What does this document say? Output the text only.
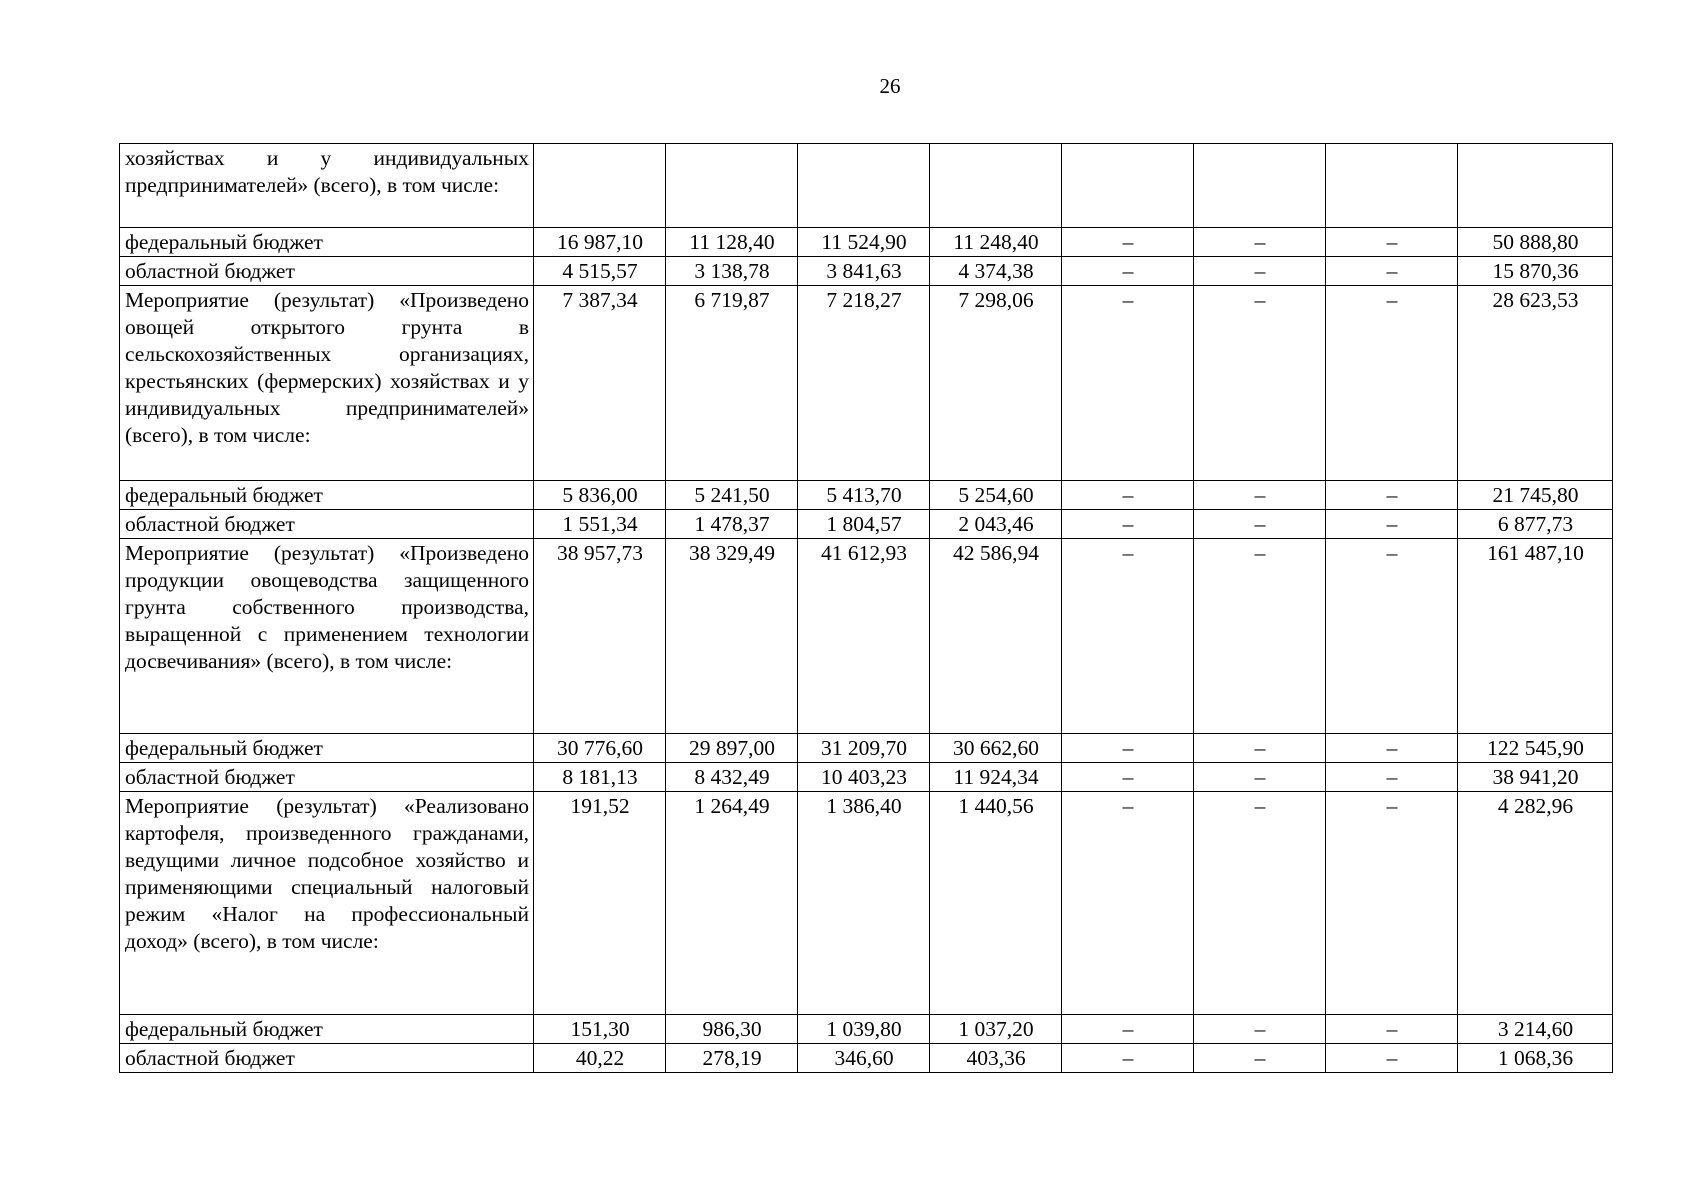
26
хозяйствах и у индивидуальных предпринимателей» (всего), в том числе:								
федеральный бюджет	16 987,10	11 128,40	11 524,90	11 248,40	–	–	–	50 888,80
областной бюджет	4 515,57	3 138,78	3 841,63	4 374,38	–	–	–	15 870,36
Мероприятие (результат) «Произведено овощей открытого грунта в сельскохозяйственных организациях, крестьянских (фермерских) хозяйствах и у индивидуальных предпринимателей» (всего), в том числе:	7 387,34	6 719,87	7 218,27	7 298,06	–	–	–	28 623,53
федеральный бюджет	5 836,00	5 241,50	5 413,70	5 254,60	–	–	–	21 745,80
областной бюджет	1 551,34	1 478,37	1 804,57	2 043,46	–	–	–	6 877,73
Мероприятие (результат) «Произведено продукции овощеводства защищенного грунта собственного производства, выращенной с применением технологии досвечивания» (всего), в том числе:	38 957,73	38 329,49	41 612,93	42 586,94	–	–	–	161 487,10
федеральный бюджет	30 776,60	29 897,00	31 209,70	30 662,60	–	–	–	122 545,90
областной бюджет	8 181,13	8 432,49	10 403,23	11 924,34	–	–	–	38 941,20
Мероприятие (результат) «Реализовано картофеля, произведенного гражданами, ведущими личное подсобное хозяйство и применяющими специальный налоговый режим «Налог на профессиональный доход» (всего), в том числе:	191,52	1 264,49	1 386,40	1 440,56	–	–	–	4 282,96
федеральный бюджет	151,30	986,30	1 039,80	1 037,20	–	–	–	3 214,60
областной бюджет	40,22	278,19	346,60	403,36	–	–	–	1 068,36
